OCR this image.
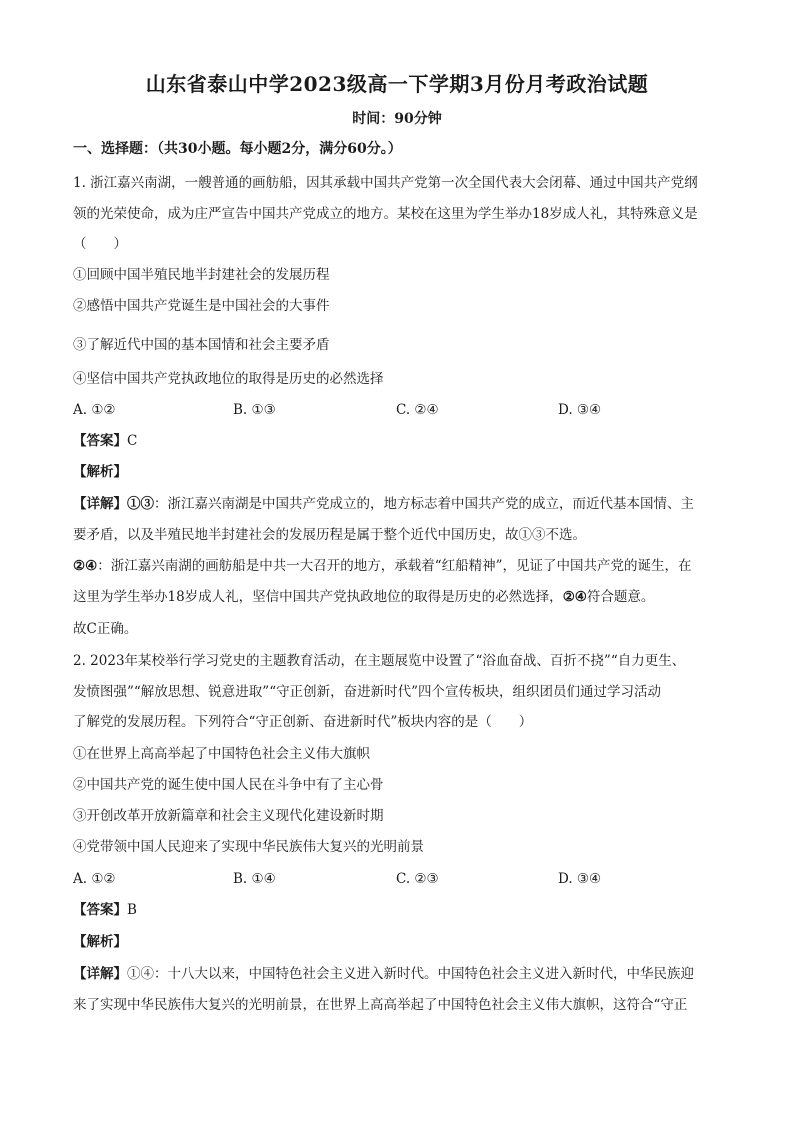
山东省泰山中学2023级高一下学期3月份月考政治试题
时间：90分钟
一、选择题：（共30小题。每小题2分，满分60分。）
1. 浙江嘉兴南湖，一艘普通的画舫船，因其承载中国共产党第一次全国代表大会闭幕、通过中国共产党纲
领的光荣使命，成为庄严宣告中国共产党成立的地方。某校在这里为学生举办18岁成人礼，其特殊意义是
（　　）
①回顾中国半殖民地半封建社会的发展历程
②感悟中国共产党诞生是中国社会的大事件
③了解近代中国的基本国情和社会主要矛盾
④坚信中国共产党执政地位的取得是历史的必然选择
A. ①②	B. ①③	C. ②④	D. ③④
【答案】C
【解析】
【详解】①③：浙江嘉兴南湖是中国共产党成立的，地方标志着中国共产党的成立，而近代基本国情、主
要矛盾，以及半殖民地半封建社会的发展历程是属于整个近代中国历史，故①③不选。
②④：浙江嘉兴南湖的画舫船是中共一大召开的地方，承载着“红船精神”，见证了中国共产党的诞生，在
这里为学生举办18岁成人礼，坚信中国共产党执政地位的取得是历史的必然选择，②④符合题意。
故C正确。
2. 2023年某校举行学习党史的主题教育活动，在主题展览中设置了“浴血奋战、百折不挠”“自力更生、
发愤图强”“解放思想、锐意进取”“守正创新，奋进新时代”四个宣传板块，组织团员们通过学习活动
了解党的发展历程。下列符合“守正创新、奋进新时代”板块内容的是（　　）
①在世界上高高举起了中国特色社会主义伟大旗帜
②中国共产党的诞生使中国人民在斗争中有了主心骨
③开创改革开放新篇章和社会主义现代化建设新时期
④党带领中国人民迎来了实现中华民族伟大复兴的光明前景
A. ①②	B. ①④	C. ②③	D. ③④
【答案】B
【解析】
【详解】①④：十八大以来，中国特色社会主义进入新时代。中国特色社会主义进入新时代，中华民族迎
来了实现中华民族伟大复兴的光明前景，在世界上高高举起了中国特色社会主义伟大旗帜，这符合“守正
